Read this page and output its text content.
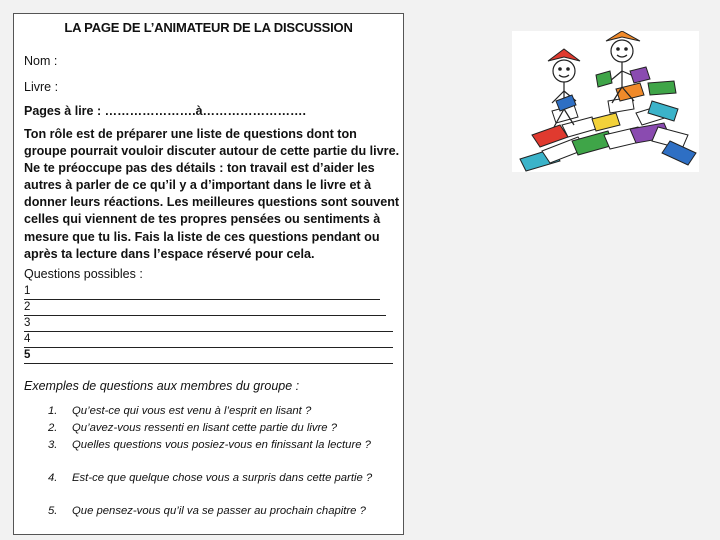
LA PAGE DE L’ANIMATEUR DE LA DISCUSSION
Nom :
Livre :
Pages à lire : ………………….à…………………….
Ton rôle est de préparer une liste de questions dont ton groupe pourrait vouloir discuter autour de cette partie du livre. Ne te préoccupe pas des détails : ton travail est d’aider les autres à parler de ce qu’il y a d’important dans le livre et à donner leurs réactions. Les meilleures questions sont souvent celles qui viennent de tes propres pensées ou sentiments à mesure que tu lis. Fais la liste de ces questions pendant ou après ta lecture dans l’espace réservé pour cela.
Questions possibles :
1
2
3
4
5
Exemples de questions aux membres du groupe :
1. Qu’est-ce qui vous est venu à l’esprit en lisant ?
2. Qu’avez-vous ressenti en lisant cette partie du livre ?
3. Quelles questions vous posiez-vous en finissant la lecture ?
4. Est-ce que quelque chose vous a surpris dans cette partie ?
5. Que pensez-vous qu’il va se passer au prochain chapitre ?
